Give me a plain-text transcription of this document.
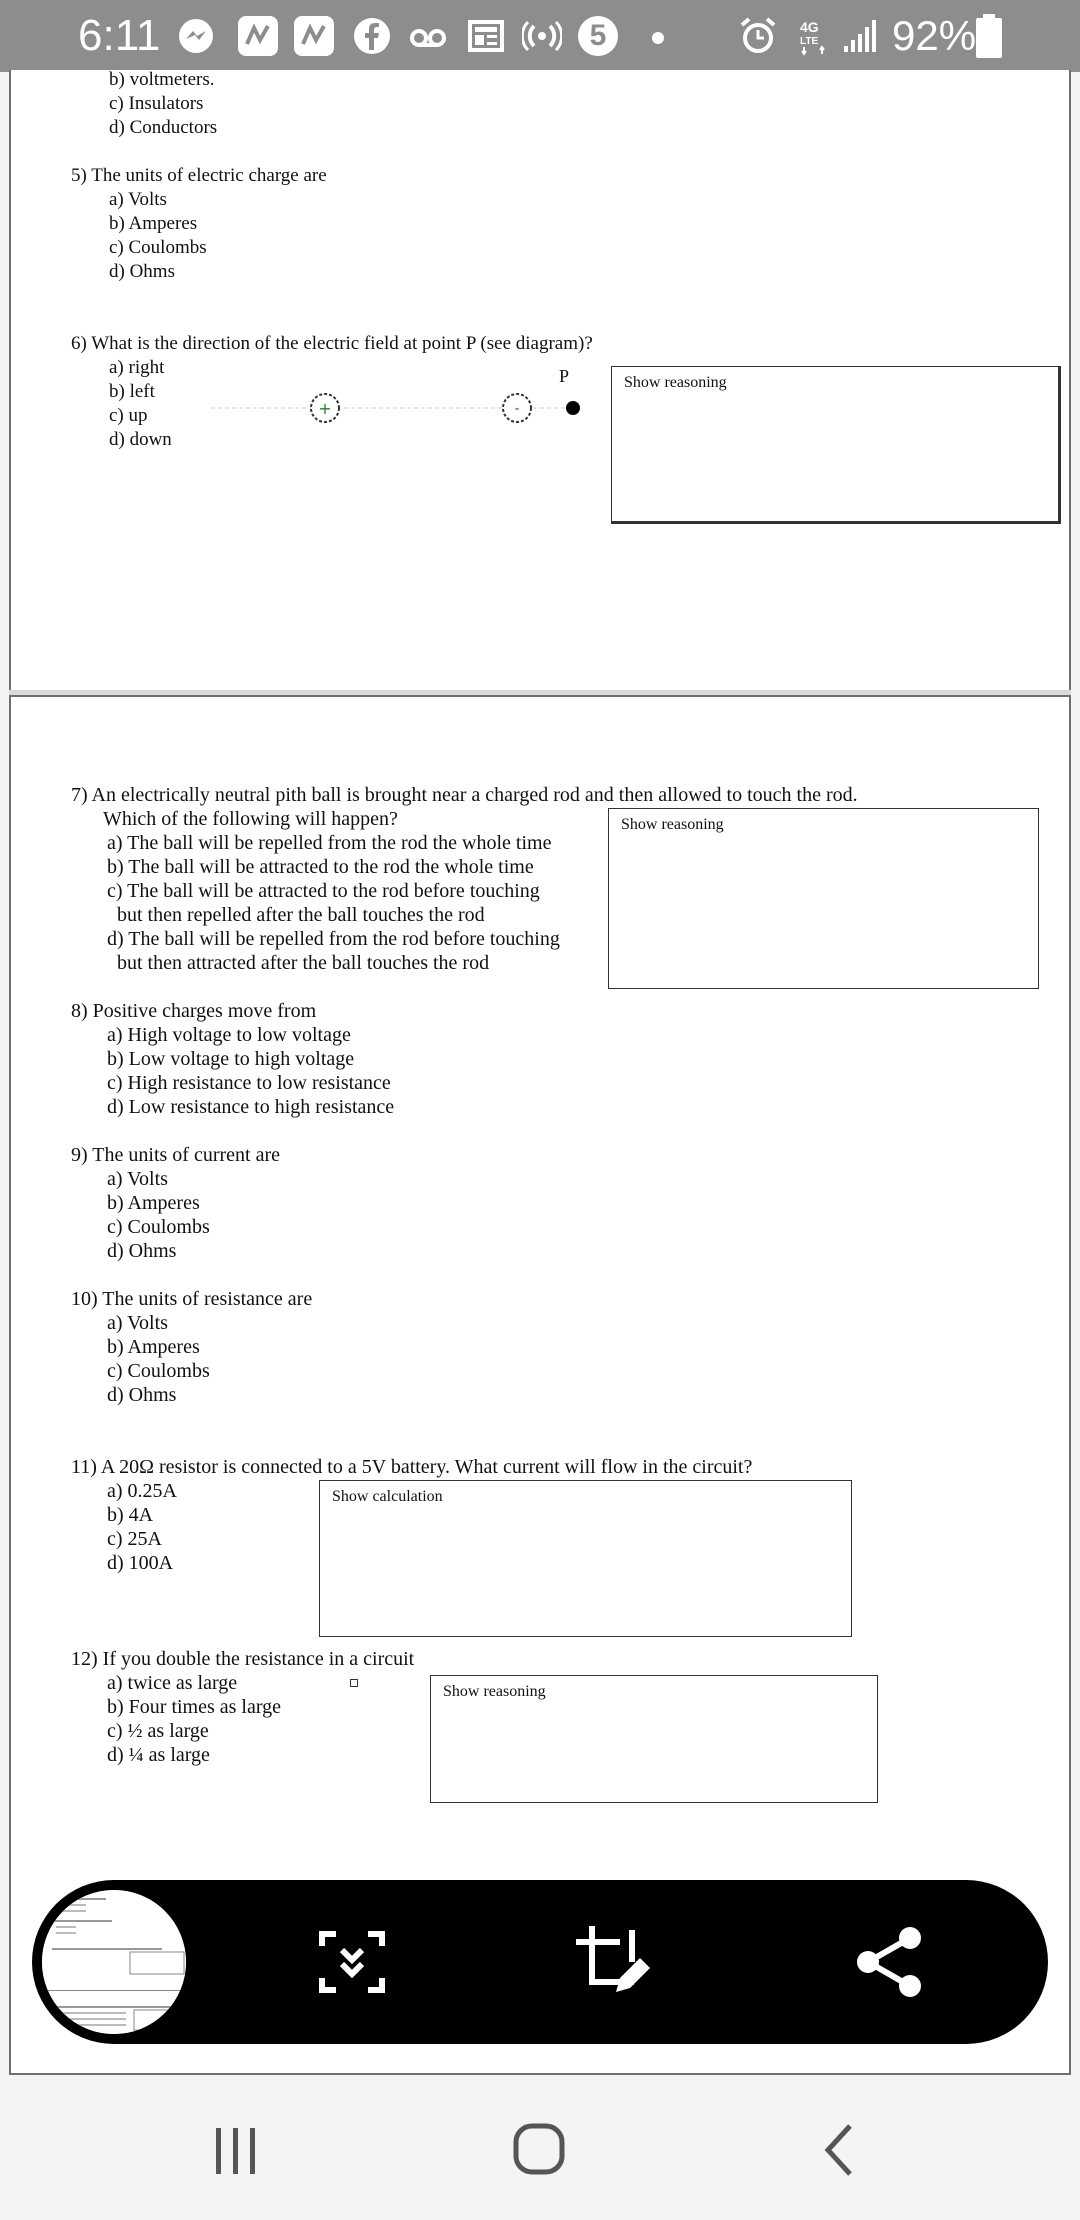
6:11	5	4G
LTE 92%
b) voltmeters.
c) Insulators
d) Conductors
5) The units of electric charge are
a) Volts
b) Amperes
c) Coulombs
d) Ohms
6) What is the direction of the electric field at point P (see diagram)?
a) right
b) left
c) up
d) down
+	-
P	Show reasoning
7) An electrically neutral pith ball is brought near a charged rod and then allowed to touch the rod.
Which of the following will happen?
a) The ball will be repelled from the rod the whole time
b) The ball will be attracted to the rod the whole time
c) The ball will be attracted to the rod before touching
but then repelled after the ball touches the rod
d) The ball will be repelled from the rod before touching
but then attracted after the ball touches the rod
Show reasoning
8) Positive charges move from
a) High voltage to low voltage
b) Low voltage to high voltage
c) High resistance to low resistance
d) Low resistance to high resistance
9) The units of current are
a) Volts
b) Amperes
c) Coulombs
d) Ohms
10) The units of resistance are
a) Volts
b) Amperes
c) Coulombs
d) Ohms
11) A 20Ω resistor is connected to a 5V battery. What current will flow in the circuit?
a) 0.25A
b) 4A
c) 25A
d) 100A
Show calculation
12) If you double the resistance in a circuit
a) twice as large
b) Four times as large
c) ½ as large
d) ¼ as large
Show reasoning
